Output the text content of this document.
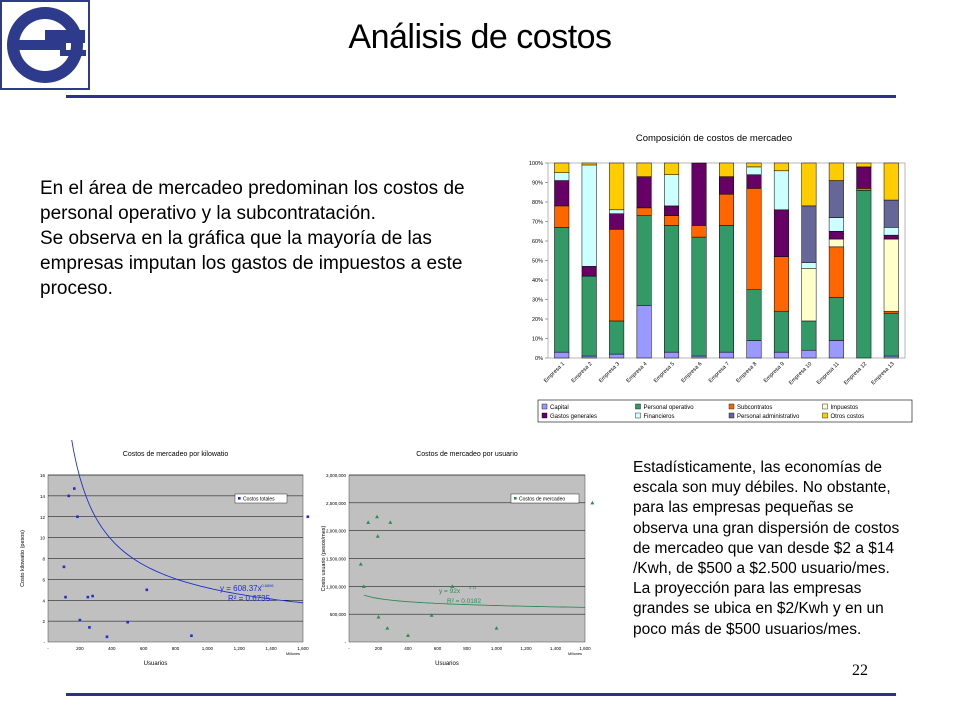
Análisis de costos

En el área de mercadeo predominan los costos de personal operativo y la subcontratación.

Se observa en la gráfica que la mayoría de las empresas imputan los gastos de impuestos a este proceso.

Composición de costos de mercadeo
0%
10%
20%
30%
40%
50%
60%
70%
80%
90%
100%
Empresa 1 Empresa 2 Empresa 3 Empresa 4 Empresa 5 Empresa 6 Empresa 7 Empresa 8 Empresa 9 Empresa 10 Empresa 11 Empresa 12 Empresa 13
Capital	Personal operativo	Subcontratos	Impuestos
Gastos generales	Financieros	Personal administrativo	Otros costos
Costos de mercadeo por kilowatio
-
2
4
6
8
10
12
14
16
-	200	400	600	800	1,000	1,200	1,400	1,600
Millones
Usuarios
Costo kilowatio (pesos)
Costos totales
y = 608.37x
-0.6896
R² = 0.6735
Costos de mercadeo por usuario
-
500,000
1,000,000
1,500,000
2,000,000
2,500,000
3,000,000
-	200	400	600	800	1,000	1,200	1,400	1,600
Millones
Usuarios
Costo usuario (pesos/mes)
Costos de mercadeo
y = 92x
0.11
R² = 0.0182
Estadísticamente, las economías de escala son muy débiles. No obstante, para las empresas pequeñas se observa una gran dispersión de costos de mercadeo que van desde $2 a $14 /Kwh, de $500 a $2.500 usuario/mes. La proyección para las empresas grandes se ubica en $2/Kwh y en un poco más de $500 usuarios/mes.
22
